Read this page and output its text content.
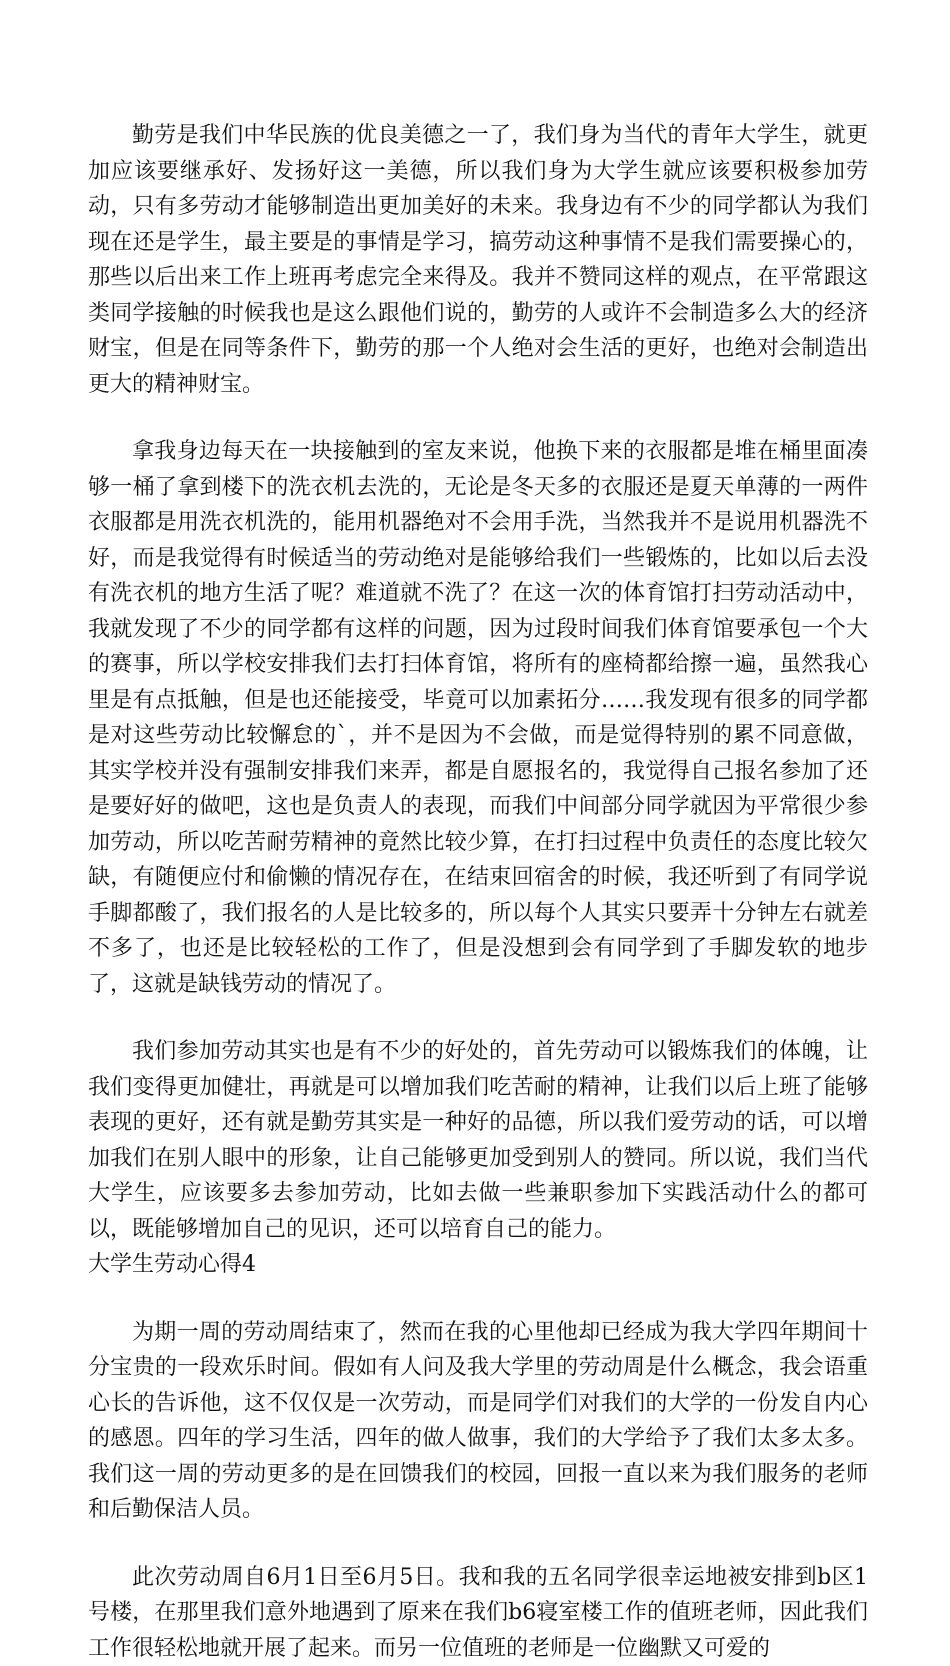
勤劳是我们中华民族的优良美德之一了，我们身为当代的青年大学生，就更加应该要继承好、发扬好这一美德，所以我们身为大学生就应该要积极参加劳动，只有多劳动才能够制造出更加美好的未来。我身边有不少的同学都认为我们现在还是学生，最主要是的事情是学习，搞劳动这种事情不是我们需要操心的，那些以后出来工作上班再考虑完全来得及。我并不赞同这样的观点，在平常跟这类同学接触的时候我也是这么跟他们说的，勤劳的人或许不会制造多么大的经济财宝，但是在同等条件下，勤劳的那一个人绝对会生活的更好，也绝对会制造出更大的精神财宝。

拿我身边每天在一块接触到的室友来说，他换下来的衣服都是堆在桶里面凑够一桶了拿到楼下的洗衣机去洗的，无论是冬天多的衣服还是夏天单薄的一两件衣服都是用洗衣机洗的，能用机器绝对不会用手洗，当然我并不是说用机器洗不好，而是我觉得有时候适当的劳动绝对是能够给我们一些锻炼的，比如以后去没有洗衣机的地方生活了呢？难道就不洗了？在这一次的体育馆打扫劳动活动中，我就发现了不少的同学都有这样的问题，因为过段时间我们体育馆要承包一个大的赛事，所以学校安排我们去打扫体育馆，将所有的座椅都给擦一遍，虽然我心里是有点抵触，但是也还能接受，毕竟可以加素拓分……我发现有很多的同学都是对这些劳动比较懈怠的`，并不是因为不会做，而是觉得特别的累不同意做，其实学校并没有强制安排我们来弄，都是自愿报名的，我觉得自己报名参加了还是要好好的做吧，这也是负责人的表现，而我们中间部分同学就因为平常很少参加劳动，所以吃苦耐劳精神的竟然比较少算，在打扫过程中负责任的态度比较欠缺，有随便应付和偷懒的情况存在，在结束回宿舍的时候，我还听到了有同学说手脚都酸了，我们报名的人是比较多的，所以每个人其实只要弄十分钟左右就差不多了，也还是比较轻松的工作了，但是没想到会有同学到了手脚发软的地步了，这就是缺钱劳动的情况了。

我们参加劳动其实也是有不少的好处的，首先劳动可以锻炼我们的体魄，让我们变得更加健壮，再就是可以增加我们吃苦耐的精神，让我们以后上班了能够表现的更好，还有就是勤劳其实是一种好的品德，所以我们爱劳动的话，可以增加我们在别人眼中的形象，让自己能够更加受到别人的赞同。所以说，我们当代大学生，应该要多去参加劳动，比如去做一些兼职参加下实践活动什么的都可以，既能够增加自己的见识，还可以培育自己的能力。

大学生劳动心得4

为期一周的劳动周结束了，然而在我的心里他却已经成为我大学四年期间十分宝贵的一段欢乐时间。假如有人问及我大学里的劳动周是什么概念，我会语重心长的告诉他，这不仅仅是一次劳动，而是同学们对我们的大学的一份发自内心的感恩。四年的学习生活，四年的做人做事，我们的大学给予了我们太多太多。我们这一周的劳动更多的是在回馈我们的校园，回报一直以来为我们服务的老师和后勤保洁人员。

此次劳动周自6月1日至6月5日。我和我的五名同学很幸运地被安排到b区1号楼，在那里我们意外地遇到了原来在我们b6寝室楼工作的值班老师，因此我们工作很轻松地就开展了起来。而另一位值班的老师是一位幽默又可爱的
